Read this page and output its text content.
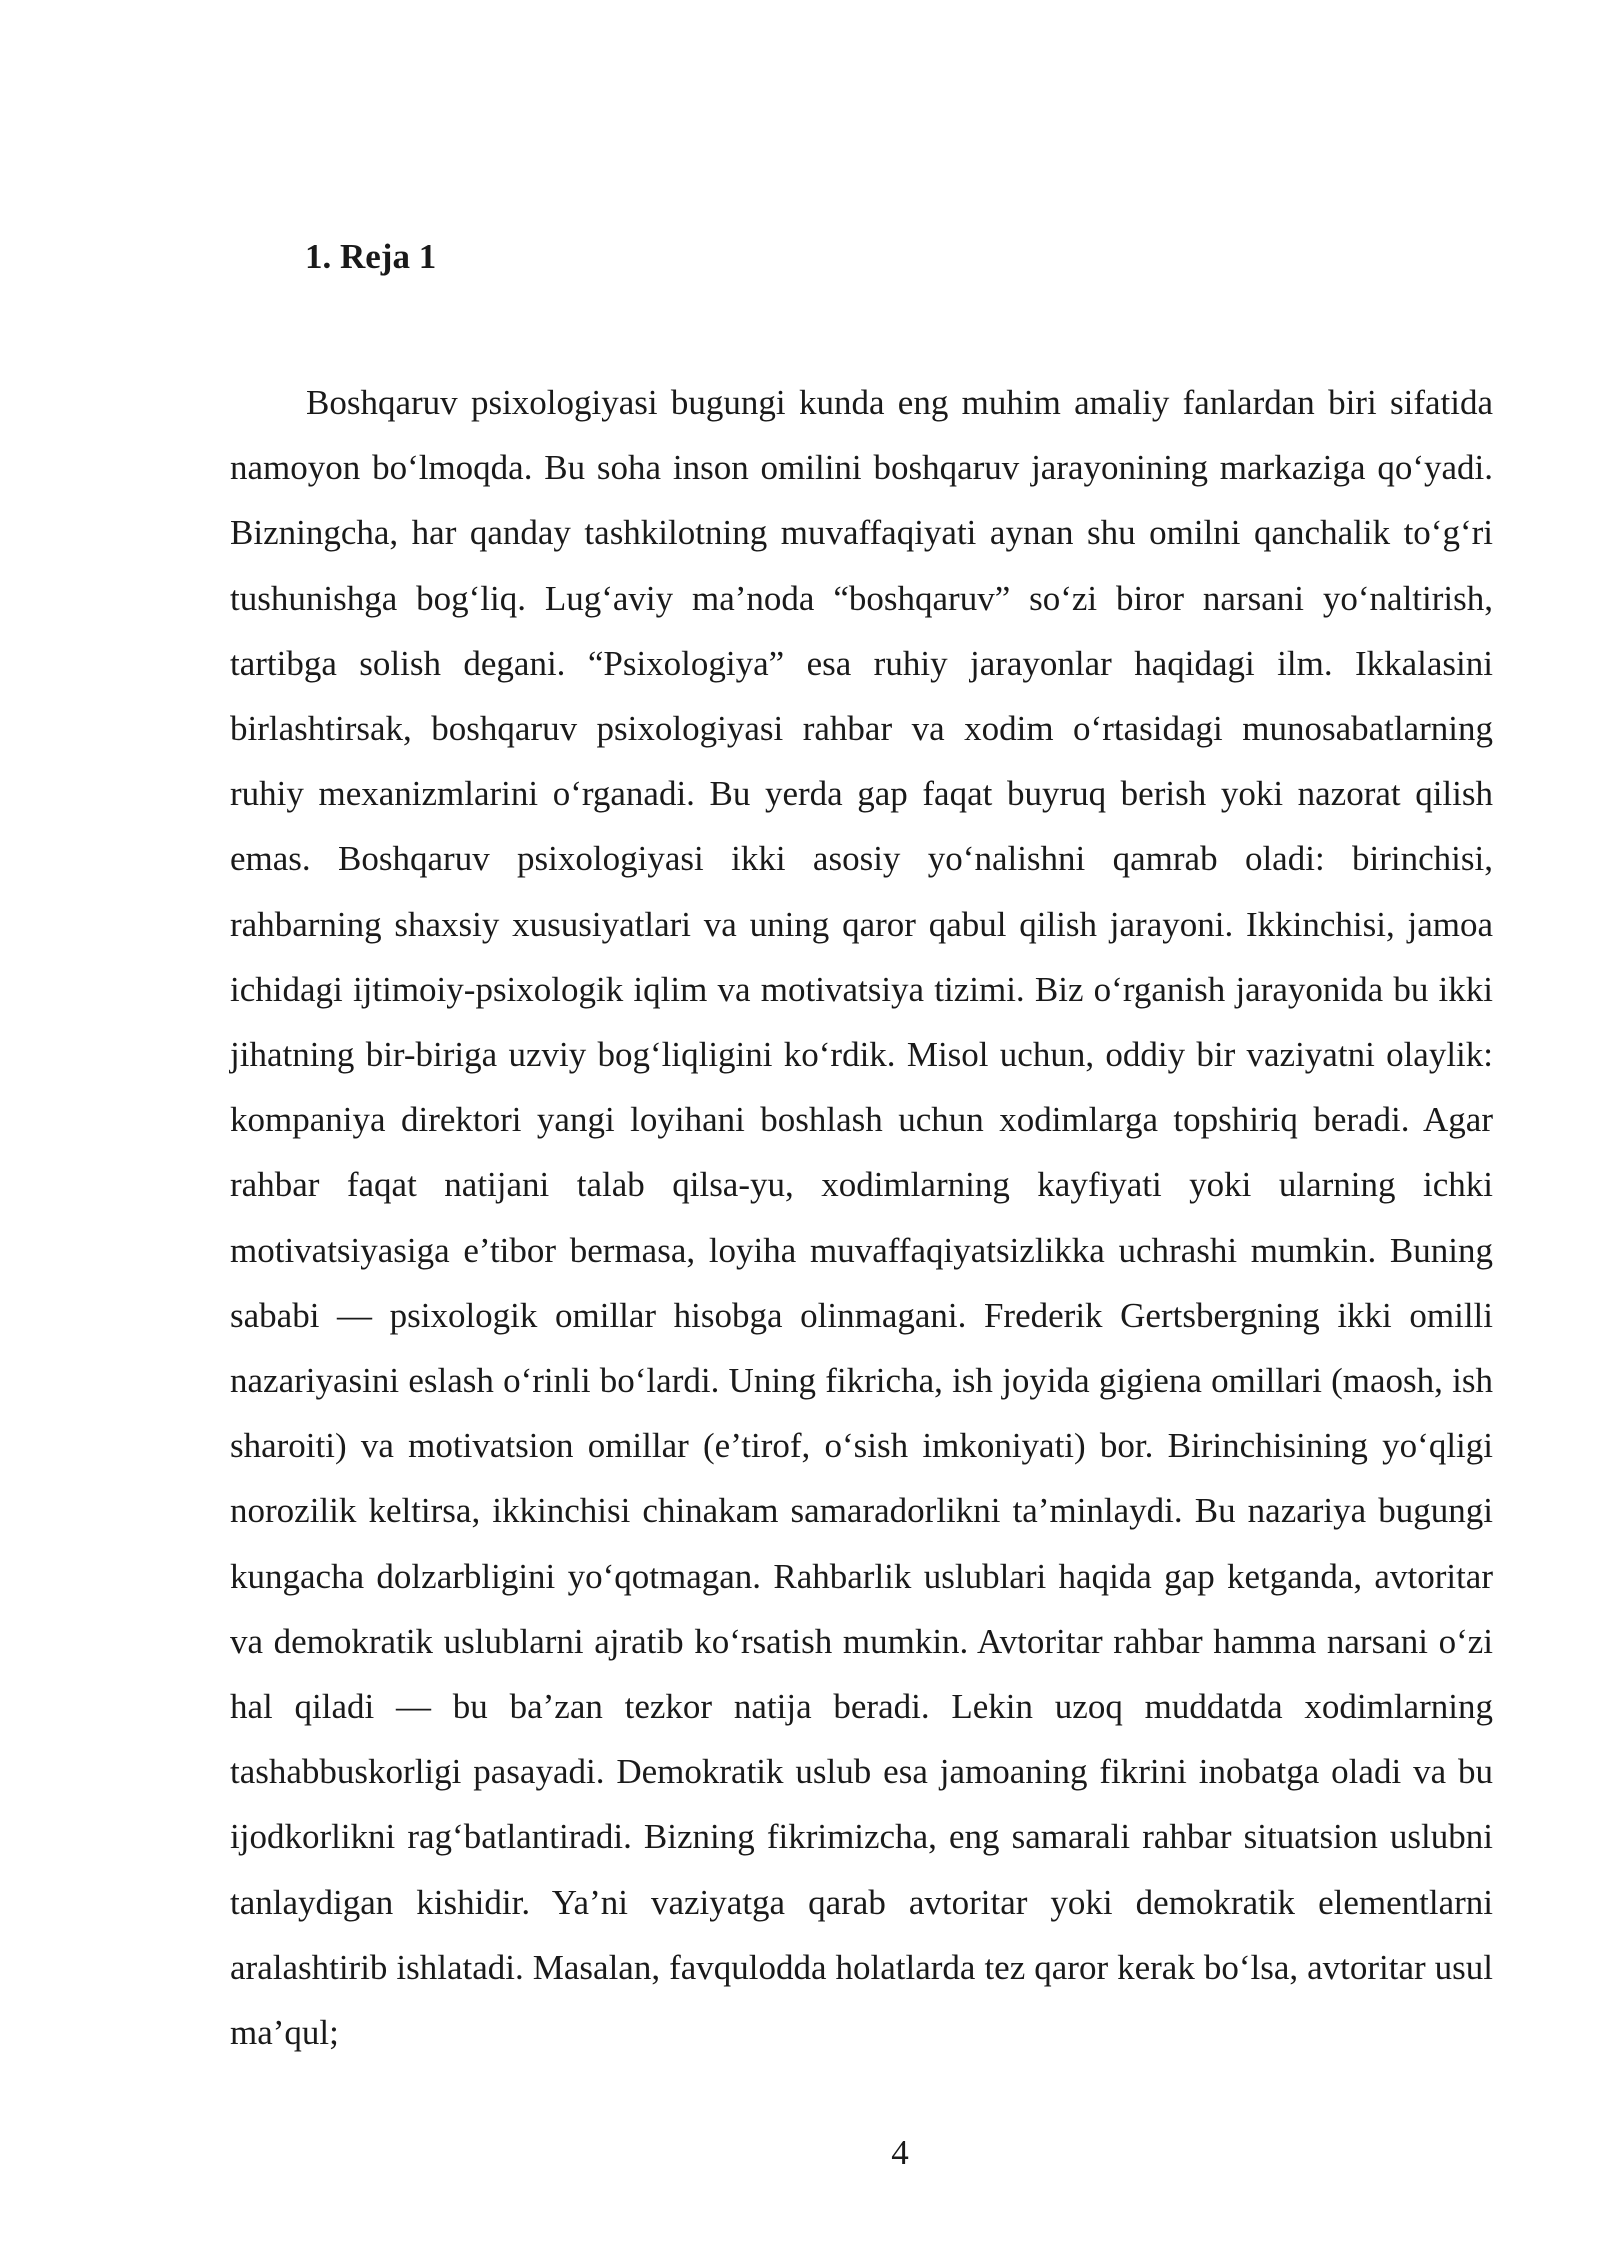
1. Reja 1

Boshqaruv psixologiyasi bugungi kunda eng muhim amaliy fanlardan biri sifatida namoyon bo‘lmoqda. Bu soha inson omilini boshqaruv jarayonining markaziga qo‘yadi. Bizningcha, har qanday tashkilotning muvaffaqiyati aynan shu omilni qanchalik to‘g‘ri tushunishga bog‘liq. Lug‘aviy ma’noda “boshqaruv” so‘zi biror narsani yo‘naltirish, tartibga solish degani. “Psixologiya” esa ruhiy jarayonlar haqidagi ilm. Ikkalasini birlashtirsak, boshqaruv psixologiyasi rahbar va xodim o‘rtasidagi munosabatlarning ruhiy mexanizmlarini o‘rganadi. Bu yerda gap faqat buyruq berish yoki nazorat qilish emas. Boshqaruv psixologiyasi ikki asosiy yo‘nalishni qamrab oladi: birinchisi, rahbarning shaxsiy xususiyatlari va uning qaror qabul qilish jarayoni. Ikkinchisi, jamoa ichidagi ijtimoiy-psixologik iqlim va motivatsiya tizimi. Biz o‘rganish jarayonida bu ikki jihatning bir-biriga uzviy bog‘liqligini ko‘rdik. Misol uchun, oddiy bir vaziyatni olaylik: kompaniya direktori yangi loyihani boshlash uchun xodimlarga topshiriq beradi. Agar rahbar faqat natijani talab qilsa-yu, xodimlarning kayfiyati yoki ularning ichki motivatsiyasiga e’tibor bermasa, loyiha muvaffaqiyatsizlikka uchrashi mumkin. Buning sababi — psixologik omillar hisobga olinmagani. Frederik Gertsbergning ikki omilli nazariyasini eslash o‘rinli bo‘lardi. Uning fikricha, ish joyida gigiena omillari (maosh, ish sharoiti) va motivatsion omillar (e’tirof, o‘sish imkoniyati) bor. Birinchisining yo‘qligi norozilik keltirsa, ikkinchisi chinakam samaradorlikni ta’minlaydi. Bu nazariya bugungi kungacha dolzarbligini yo‘qotmagan. Rahbarlik uslublari haqida gap ketganda, avtoritar va demokratik uslublarni ajratib ko‘rsatish mumkin. Avtoritar rahbar hamma narsani o‘zi hal qiladi — bu ba’zan tezkor natija beradi. Lekin uzoq muddatda xodimlarning tashabbuskorligi pasayadi. Demokratik uslub esa jamoaning fikrini inobatga oladi va bu ijodkorlikni rag‘batlantiradi. Bizning fikrimizcha, eng samarali rahbar situatsion uslubni tanlaydigan kishidir. Ya’ni vaziyatga qarab avtoritar yoki demokratik elementlarni aralashtirib ishlatadi. Masalan, favqulodda holatlarda tez qaror kerak bo‘lsa, avtoritar usul ma’qul;

4
